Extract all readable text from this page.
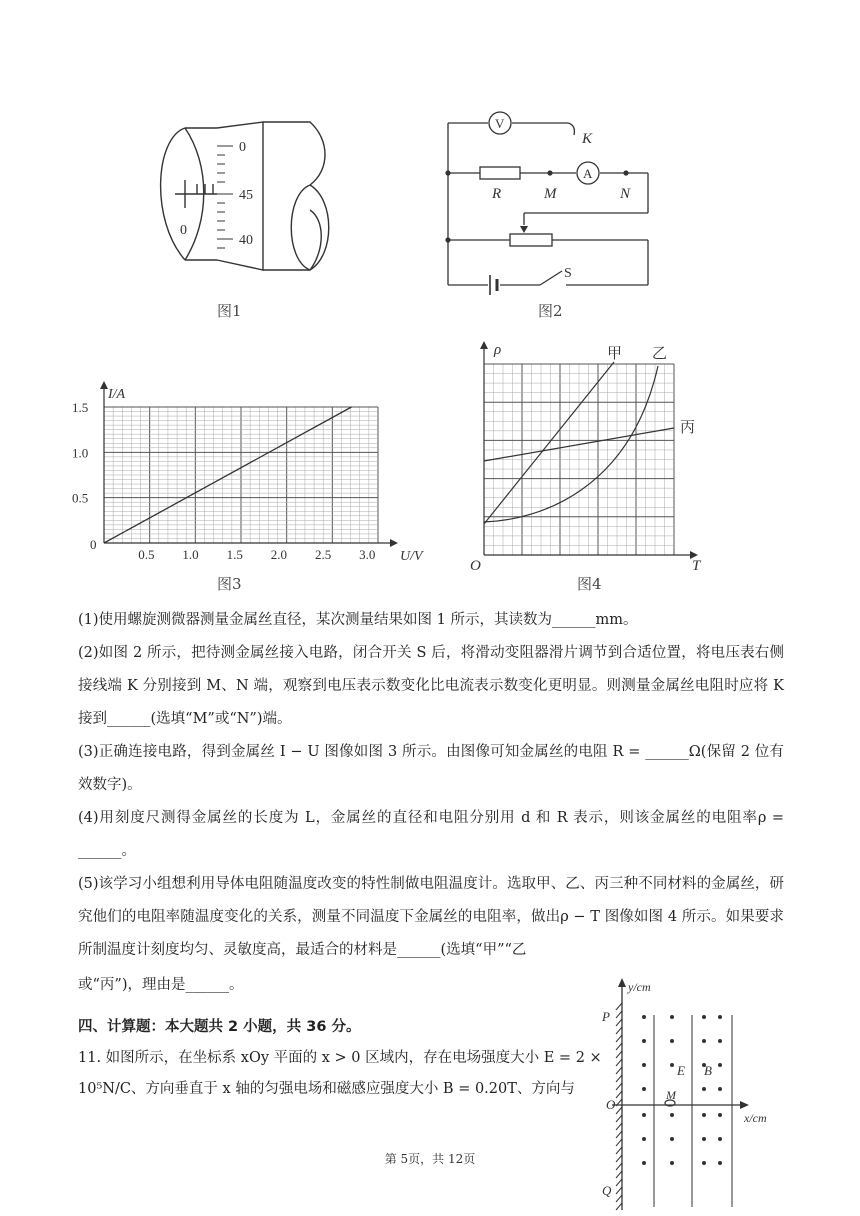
0
45
40
0
图1
V
A
K
R	M	N
S
图2
0.5 1.0 1.5 2.0 2.5 3.0
1.5
1.0
0.5
I/A
U/V
0
图3
ρ
T
O
甲 乙
丙
图4
(1)使用螺旋测微器测量金属丝直径，某次测量结果如图 1 所示，其读数为______mm。
(2)如图 2 所示，把待测金属丝接入电路，闭合开关 S 后，将滑动变阻器滑片调节到合适位置，将电压表右侧接线端 K 分别接到 M、N 端，观察到电压表示数变化比电流表示数变化更明显。则测量金属丝电阻时应将 K 接到______(选填“M”或“N”)端。
(3)正确连接电路，得到金属丝 I − U 图像如图 3 所示。由图像可知金属丝的电阻 R = ______Ω(保留 2 位有效数字)。
(4)用刻度尺测得金属丝的长度为 L，金属丝的直径和电阻分别用 d 和 R 表示，则该金属丝的电阻率ρ = ______。
(5)该学习小组想利用导体电阻随温度改变的特性制做电阻温度计。选取甲、乙、丙三种不同材料的金属丝，研究他们的电阻率随温度变化的关系，测量不同温度下金属丝的电阻率，做出ρ − T 图像如图 4 所示。如果要求所制温度计刻度均匀、灵敏度高，最适合的材料是______(选填“甲”“乙
或“丙”)，理由是______。
四、计算题：本大题共 2 小题，共 36 分。
11. 如图所示，在坐标系 xOy 平面的 x > 0 区域内，存在电场强度大小 E = 2 ×
10⁵N/C、方向垂直于 x 轴的匀强电场和磁感应强度大小 B = 0.20T、方向与
y/cm
x/cm
P
O
Q
E B
M
第 5页，共 12页
